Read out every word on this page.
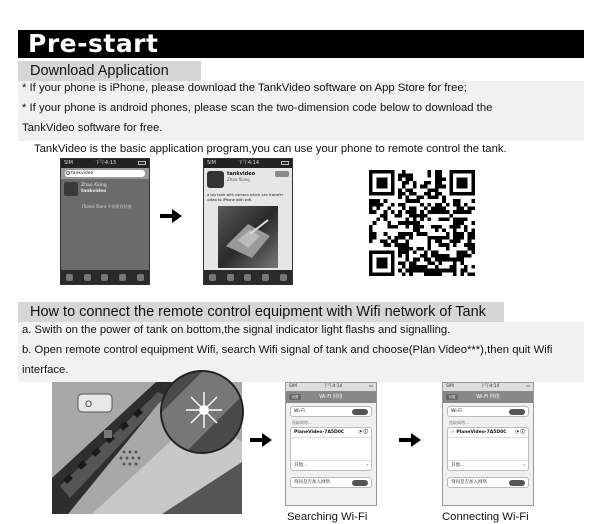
Pre-start
Download Application
* If your phone is iPhone, please download the TankVideo software on App Store for free;
* If your phone is android phones, please scan the two-dimension code below to download the
TankVideo software for free.
TankVideo is the basic application program,you can use your phone to remote control the tank.
SIM	下午4:13
tankvideo
Zhao Xiong
tankvideo
iTunes Store 中的所有结果
SIM	下午4:14
tankvideo
Zhao Xiong
a toy tank with camera which can transfer video to iPhone with wifi.
How to connect the remote control equipment with Wifi network of Tank
a. Swith on the power of tank on bottom,the signal indicator light flashs and signalling.
b. Open remote control equipment Wifi, search Wifi signal of tank and choose(Plan Video***),then quit Wifi
interface.
O
SIM	下午4:14	▭
设置	Wi-Fi 网络
Wi-Fi
选取网络...
PlaneVideo-7A5D0C	◔ ⓘ
其他...	›
询问是否加入网络
Searching Wi-Fi
SIM	下午4:14	▭
设置	Wi-Fi 网络
Wi-Fi
选取网络...
✓ PlaneVideo-7A5D0C ◔ ⓘ
其他...	›
询问是否加入网络
Connecting Wi-Fi
